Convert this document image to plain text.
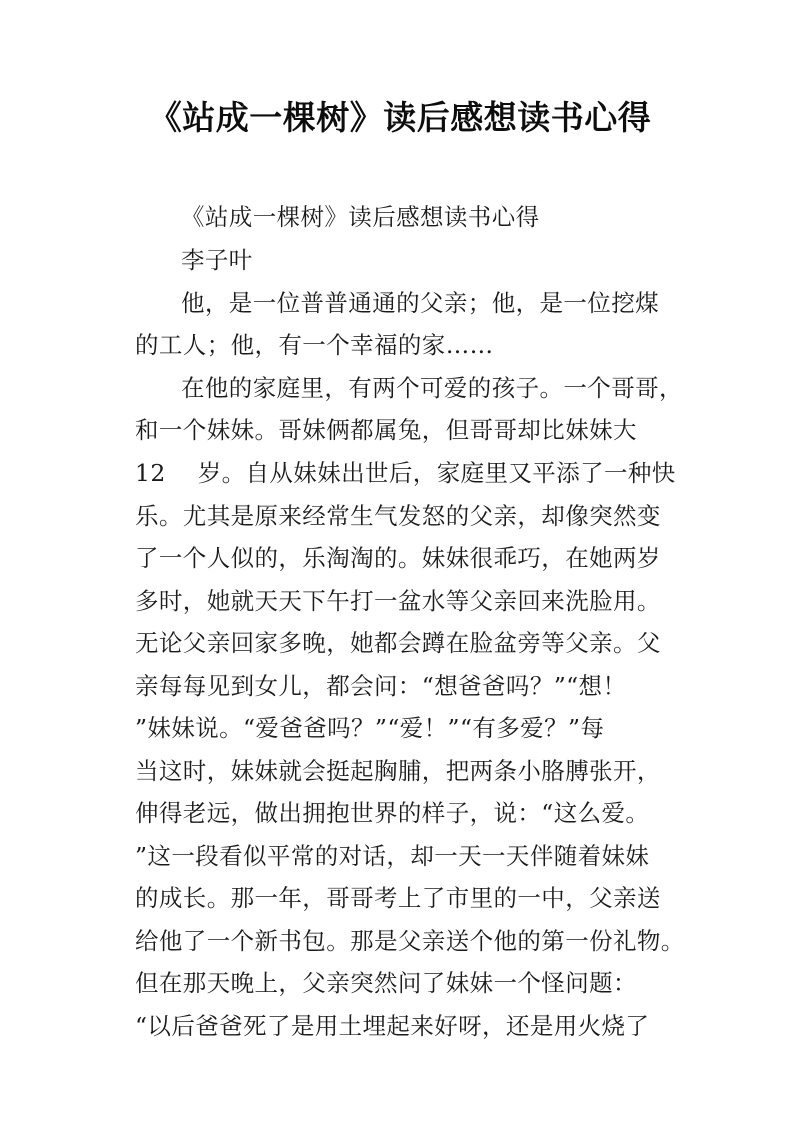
《站成一棵树》读后感想读书心得
《站成一棵树》读后感想读书心得
李子叶
他，是一位普普通通的父亲；他，是一位挖煤
的工人；他，有一个幸福的家……
在他的家庭里，有两个可爱的孩子。一个哥哥，
和一个妹妹。哥妹俩都属兔，但哥哥却比妹妹大
12 岁。自从妹妹出世后，家庭里又平添了一种快
乐。尤其是原来经常生气发怒的父亲，却像突然变
了一个人似的，乐淘淘的。妹妹很乖巧，在她两岁
多时，她就天天下午打一盆水等父亲回来洗脸用。
无论父亲回家多晚，她都会蹲在脸盆旁等父亲。父
亲每每见到女儿，都会问：“想爸爸吗？”“想！
”妹妹说。“爱爸爸吗？”“爱！”“有多爱？”每
当这时，妹妹就会挺起胸脯，把两条小胳膊张开，
伸得老远，做出拥抱世界的样子，说：“这么爱。
”这一段看似平常的对话，却一天一天伴随着妹妹
的成长。那一年，哥哥考上了市里的一中，父亲送
给他了一个新书包。那是父亲送个他的第一份礼物。
但在那天晚上，父亲突然问了妹妹一个怪问题：
“以后爸爸死了是用土埋起来好呀，还是用火烧了
